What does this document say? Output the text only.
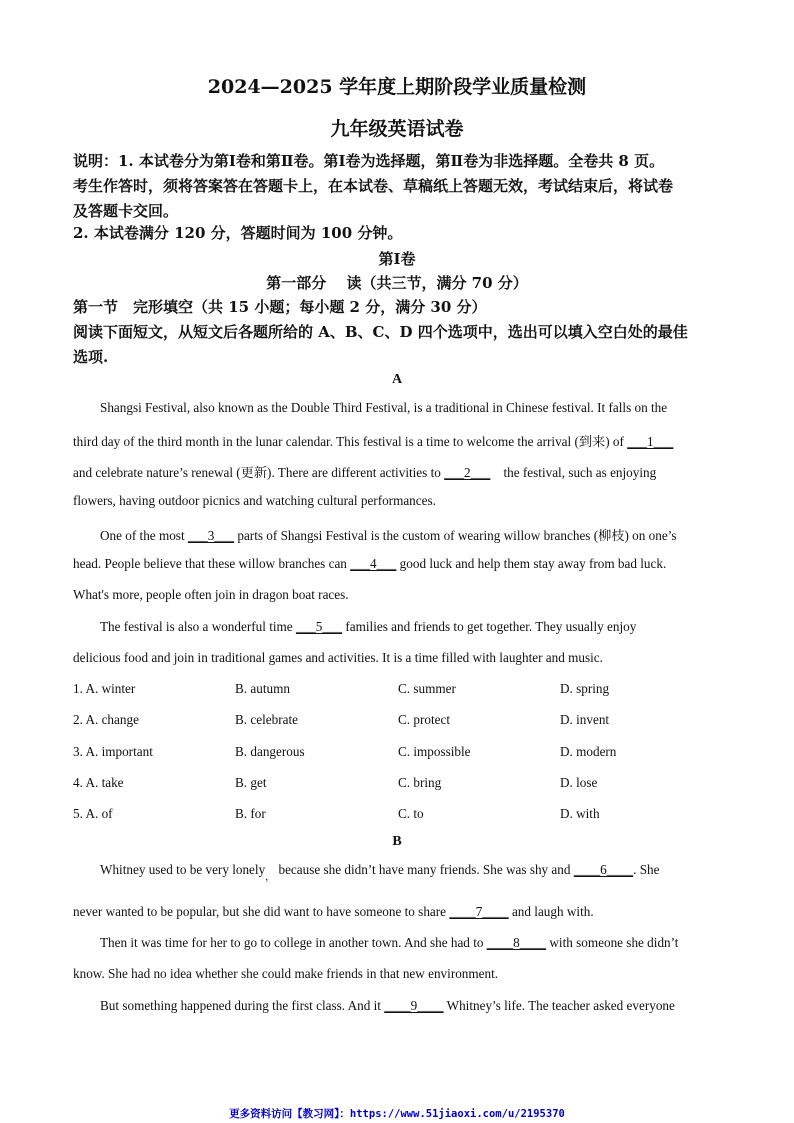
2024—2025 学年度上期阶段学业质量检测
九年级英语试卷
说明：1. 本试卷分为第Ⅰ卷和第Ⅱ卷。第Ⅰ卷为选择题，第Ⅱ卷为非选择题。全卷共 8 页。
考生作答时，须将答案答在答题卡上，在本试卷、草稿纸上答题无效，考试结束后，将试卷
及答题卡交回。
2. 本试卷满分 120 分，答题时间为 100 分钟。
第Ⅰ卷
第一部分　 读（共三节，满分 70 分）
第一节　完形填空（共 15 小题；每小题 2 分，满分 30 分）
阅读下面短文，从短文后各题所给的 A、B、C、D 四个选项中，选出可以填入空白处的最佳
选项.
A
Shangsi Festival, also known as the Double Third Festival, is a traditional in Chinese festival. It falls on the
third day of the third month in the lunar calendar. This festival is a time to welcome the arrival (到来) of ___1___
and celebrate nature’s renewal (更新). There are different activities to ___2___　the festival, such as enjoying
flowers, having outdoor picnics and watching cultural performances.
One of the most ___3___ parts of Shangsi Festival is the custom of wearing willow branches (柳枝) on one’s
head. People believe that these willow branches can ___4___ good luck and help them stay away from bad luck.
What's more, people often join in dragon boat races.
The festival is also a wonderful time ___5___ families and friends to get together. They usually enjoy
delicious food and join in traditional games and activities. It is a time filled with laughter and music.
1. A. winter	B. autumn	C. summer	D. spring
2. A. change	B. celebrate	C. protect	D. invent
3. A. important	B. dangerous	C. impossible	D. modern
4. A. take	B. get	C. bring	D. lose
5. A. of	B. for	C. to	D. with
B
Whitney used to be very lonely$_,$ because she didn’t have many friends. She was shy and ____6____. She
never wanted to be popular, but she did want to have someone to share ____7____ and laugh with.
Then it was time for her to go to college in another town. And she had to ____8____ with someone she didn’t
know. She had no idea whether she could make friends in that new environment.
But something happened during the first class. And it ____9____ Whitney’s life. The teacher asked everyone
更多资料访问【教习网】：https://www.51jiaoxi.com/u/2195370
